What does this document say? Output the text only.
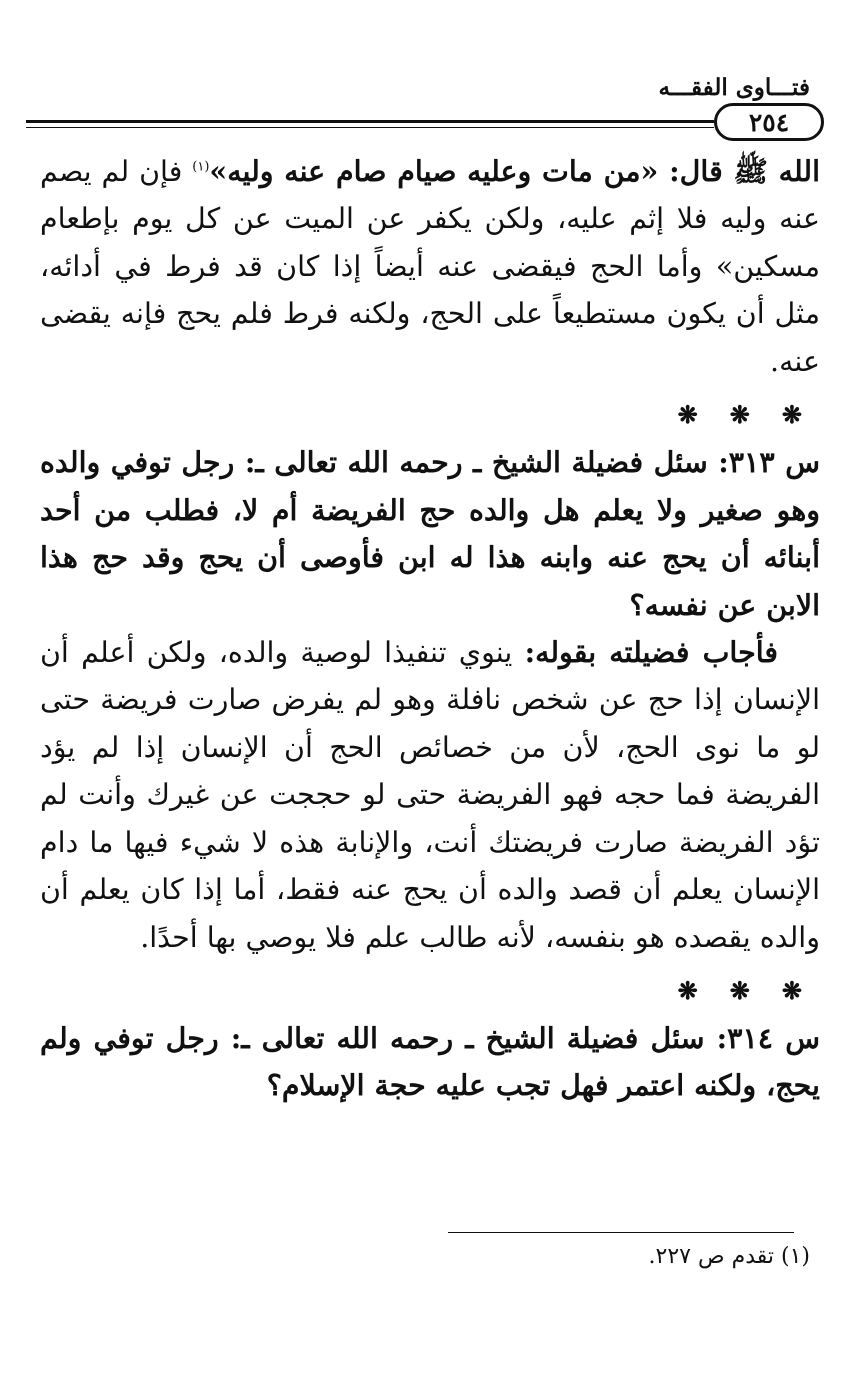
فتـــاوى الفقـــه
٢٥٤

الله ﷺ قال: «من مات وعليه صيام صام عنه وليه»$^{(١)}$ فإن لم يصم عنه وليه فلا إثم عليه، ولكن يكفر عن الميت عن كل يوم بإطعام مسكين» وأما الحج فيقضى عنه أيضاً إذا كان قد فرط في أدائه، مثل أن يكون مستطيعاً على الحج، ولكنه فرط فلم يحج فإنه يقضى عنه.

❋ ❋ ❋

س ٣١٣: سئل فضيلة الشيخ ـ رحمه الله تعالى ـ: رجل توفي والده وهو صغير ولا يعلم هل والده حج الفريضة أم لا، فطلب من أحد أبنائه أن يحج عنه وابنه هذا له ابن فأوصى أن يحج وقد حج هذا الابن عن نفسه؟

فأجاب فضيلته بقوله: ينوي تنفيذا لوصية والده، ولكن أعلم أن الإنسان إذا حج عن شخص نافلة وهو لم يفرض صارت فريضة حتى لو ما نوى الحج، لأن من خصائص الحج أن الإنسان إذا لم يؤد الفريضة فما حجه فهو الفريضة حتى لو حججت عن غيرك وأنت لم تؤد الفريضة صارت فريضتك أنت، والإنابة هذه لا شيء فيها ما دام الإنسان يعلم أن قصد والده أن يحج عنه فقط، أما إذا كان يعلم أن والده يقصده هو بنفسه، لأنه طالب علم فلا يوصي بها أحدًا.

❋ ❋ ❋

س ٣١٤: سئل فضيلة الشيخ ـ رحمه الله تعالى ـ: رجل توفي ولم يحج، ولكنه اعتمر فهل تجب عليه حجة الإسلام؟

(١) تقدم ص ٢٢٧.
